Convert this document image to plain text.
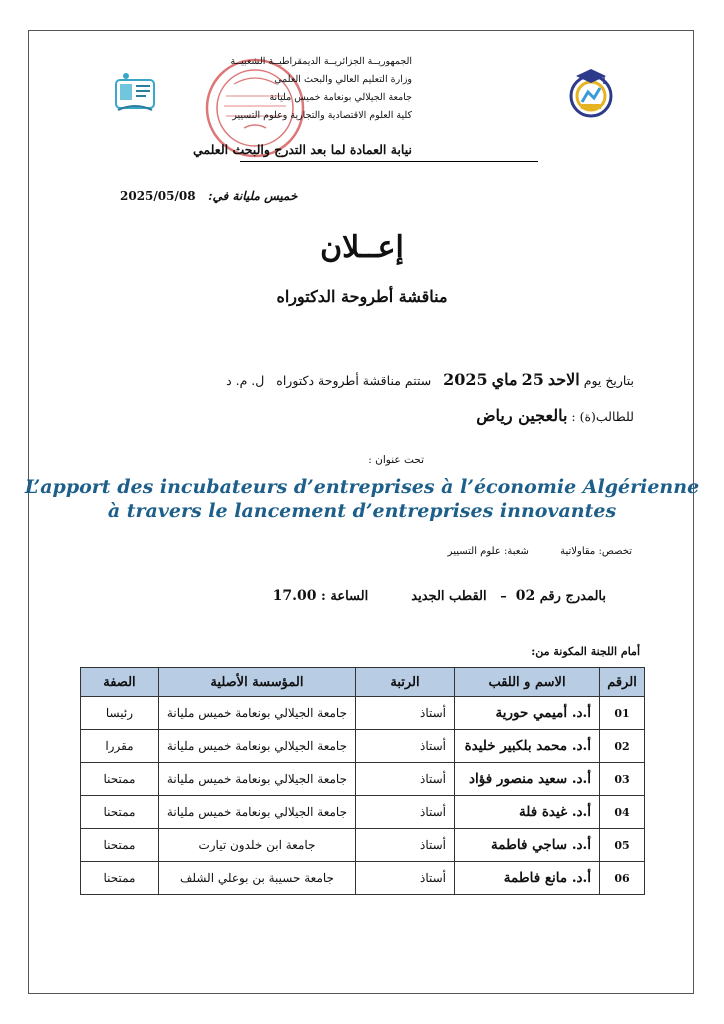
الجمهوريــة الجزائريــة الديمقراطيــة الشعبيــة
وزارة التعليم العالي والبحث العلمي
جامعة الجيلالي بونعامة خميس مليانة
كلية العلوم الاقتصادية والتجارية وعلوم التسيير
نيابة العمادة لما بعد التدرج والبحث العلمي
2025/05/08 خميس مليانة في:
إعــلان
مناقشة أطروحة الدكتوراه
بتاريخ يوم الاحد 25 ماي 2025   ستتم مناقشة أطروحة دكتوراه   ل. م. د
للطالب(ة) : بالعجين رياض
تحت عنوان :
L’apport des incubateurs d’entreprises à l’économie Algérienne
à travers le lancement d’entreprises innovantes
تخصص: مقاولاتية شعبة: علوم التسيير
بالمدرج رقم 02  –   القطب الجديد  الساعة : 17.00
أمام اللجنة المكونة من:
الرقم	الاسم و اللقب	الرتبة	المؤسسة الأصلية	الصفة
01	أ.د. أميمي حورية	أستاذ	جامعة الجيلالي بونعامة خميس مليانة	رئيسا
02	أ.د. محمد بلكبير خليدة	أستاذ	جامعة الجيلالي بونعامة خميس مليانة	مقررا
03	أ.د. سعيد منصور فؤاد	أستاذ	جامعة الجيلالي بونعامة خميس مليانة	ممتحنا
04	أ.د. غيدة فلة	أستاذ	جامعة الجيلالي بونعامة خميس مليانة	ممتحنا
05	أ.د. ساجي فاطمة	أستاذ	جامعة ابن خلدون تيارت	ممتحنا
06	أ.د. مانع فاطمة	أستاذ	جامعة حسيبة بن بوعلي الشلف	ممتحنا
